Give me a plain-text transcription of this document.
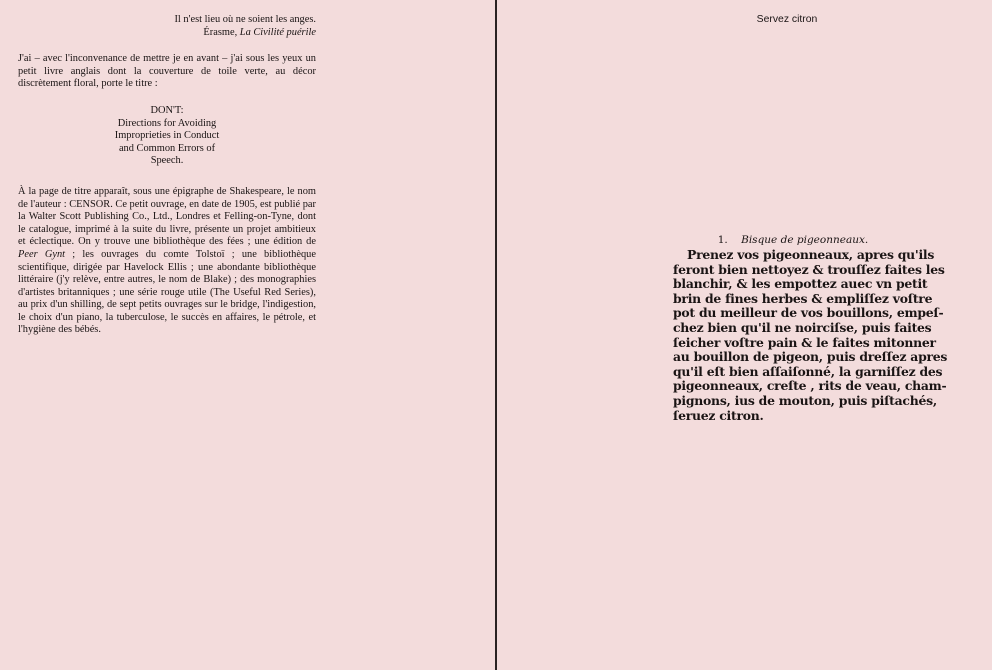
Il n'est lieu où ne soient les anges.
Érasme, La Civilité puérile

J'ai – avec l'inconvenance de mettre je en avant – j'ai sous les yeux un petit livre anglais dont la couverture de toile verte, au décor discrètement floral, porte le titre :

DON'T:
Directions for Avoiding
Improprieties in Conduct
and Common Errors of
Speech.

À la page de titre apparaît, sous une épigraphe de Shakespeare, le nom de l'auteur : CENSOR. Ce petit ouvrage, en date de 1905, est publié par la Walter Scott Publishing Co., Ltd., Londres et Felling-on-Tyne, dont le catalogue, imprimé à la suite du livre, présente un projet ambitieux et éclectique. On y trouve une bibliothèque des fées ; une édition de Peer Gynt ; les ouvrages du comte Tolstoï ; une bibliothèque scientifique, dirigée par Havelock Ellis ; une abondante bibliothèque littéraire (j'y relève, entre autres, le nom de Blake) ; des monographies d'artistes britanniques ; une série rouge utile (The Useful Red Series), au prix d'un shilling, de sept petits ouvrages sur le bridge, l'indigestion, le choix d'un piano, la tuberculose, le succès en affaires, le pétrole, et l'hygiène des bébés.

Servez citron
1. Bisque de pigeonneaux.
Prenez vos pigeonneaux, apres qu'ils
feront bien nettoyez & trouſſez faites les
blanchir, & les empottez auec vn petit
brin de fines herbes & empliſſez voſtre
pot du meilleur de vos bouillons, empeſ-
chez bien qu'il ne noirciſse, puis faites
ſeicher voſtre pain & le faites mitonner
au bouillon de pigeon, puis dreſſez apres
qu'il eſt bien aſſaiſonné, la garniſſez des
pigeonneaux, creſte , rits de veau, cham-
pignons, ius de mouton, puis piſtachés,
ſeruez citron.
